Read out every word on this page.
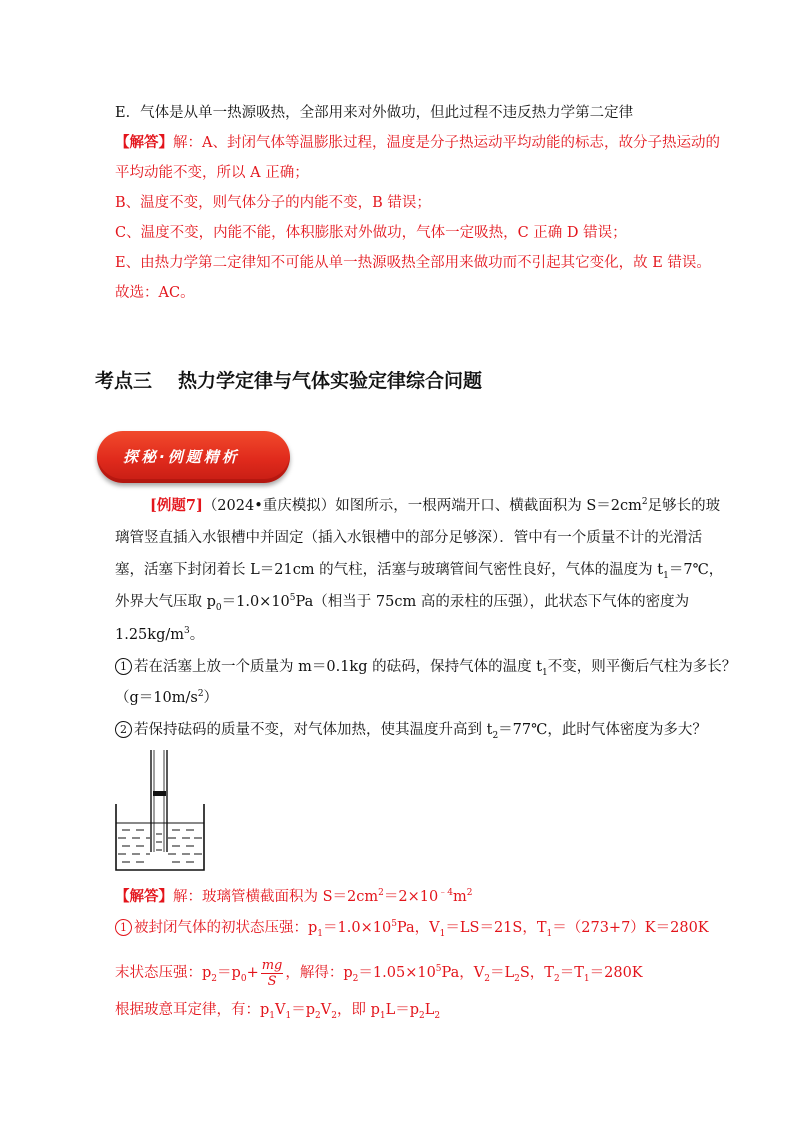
E．气体是从单一热源吸热，全部用来对外做功，但此过程不违反热力学第二定律
【解答】解：A、封闭气体等温膨胀过程，温度是分子热运动平均动能的标志，故分子热运动的
平均动能不变，所以 A 正确；
B、温度不变，则气体分子的内能不变，B 错误；
C、温度不变，内能不能，体积膨胀对外做功，气体一定吸热，C 正确 D 错误；
E、由热力学第二定律知不可能从单一热源吸热全部用来做功而不引起其它变化，故 E 错误。
故选：AC。
考点三 热力学定律与气体实验定律综合问题
探秘·例题精析
[例题7]（2024•重庆模拟）如图所示，一根两端开口、横截面积为 $S=2cm^2$足够长的玻
璃管竖直插入水银槽中并固定（插入水银槽中的部分足够深）．管中有一个质量不计的光滑活
塞，活塞下封闭着长 L＝21cm 的气柱，活塞与玻璃管间气密性良好，气体的温度为 $t_1=7℃$，
外界大气压取 $p_0=1.0\times 10^5Pa$（相当于 75cm 高的汞柱的压强），此状态下气体的密度为
$1.25kg/m^3$。
1 若在活塞上放一个质量为 m＝0.1kg 的砝码，保持气体的温度 $t_1$不变，则平衡后气柱为多长？
$(g=10m/s^2)$
2 若保持砝码的质量不变，对气体加热，使其温度升高到 $t_2=77℃$，此时气体密度为多大？
【解答】解：玻璃管横截面积为 $S=2cm^2=2\times 10^{﹣4}m^2$
1 被封闭气体的初状态压强：$p_1=1.0\times 10^5Pa$，$V_1=LS=21S$，$T_1=(273+7)K=280K$
末状态压强：$p_2=p_0+ \frac{mg}{S}$ ，解得：$p_2=1.05\times 10^5Pa$，$V_2=L_2S$，$T_2=T_1=280K$
根据玻意耳定律，有：$p_1V_1=p_2V_2$，即 $p_1L=p_2L_2$
